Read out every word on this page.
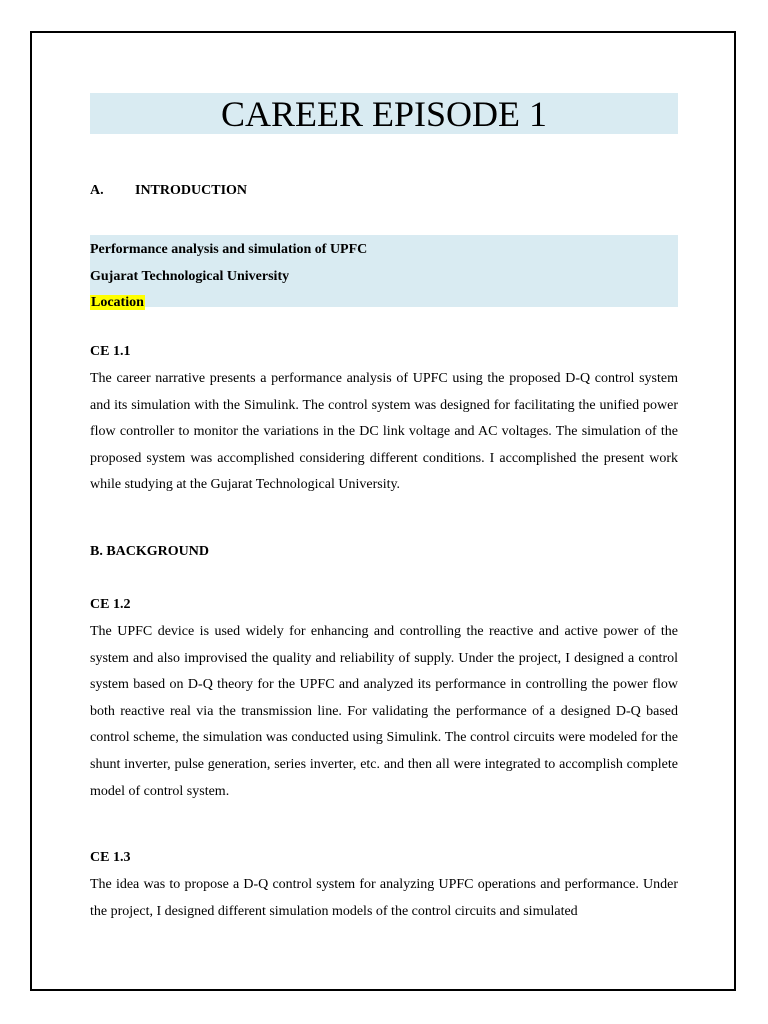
CAREER EPISODE 1
A. INTRODUCTION
Performance analysis and simulation of UPFC
Gujarat Technological University
Location
CE 1.1

The career narrative presents a performance analysis of UPFC using the proposed D-Q control system and its simulation with the Simulink. The control system was designed for facilitating the unified power flow controller to monitor the variations in the DC link voltage and AC voltages. The simulation of the proposed system was accomplished considering different conditions. I accomplished the present work while studying at the Gujarat Technological University.

B. BACKGROUND
CE 1.2

The UPFC device is used widely for enhancing and controlling the reactive and active power of the system and also improvised the quality and reliability of supply. Under the project, I designed a control system based on D-Q theory for the UPFC and analyzed its performance in controlling the power flow both reactive real via the transmission line. For validating the performance of a designed D-Q based control scheme, the simulation was conducted using Simulink. The control circuits were modeled for the shunt inverter, pulse generation, series inverter, etc. and then all were integrated to accomplish complete model of control system.

CE 1.3

The idea was to propose a D-Q control system for analyzing UPFC operations and performance. Under the project, I designed different simulation models of the control circuits and simulated
